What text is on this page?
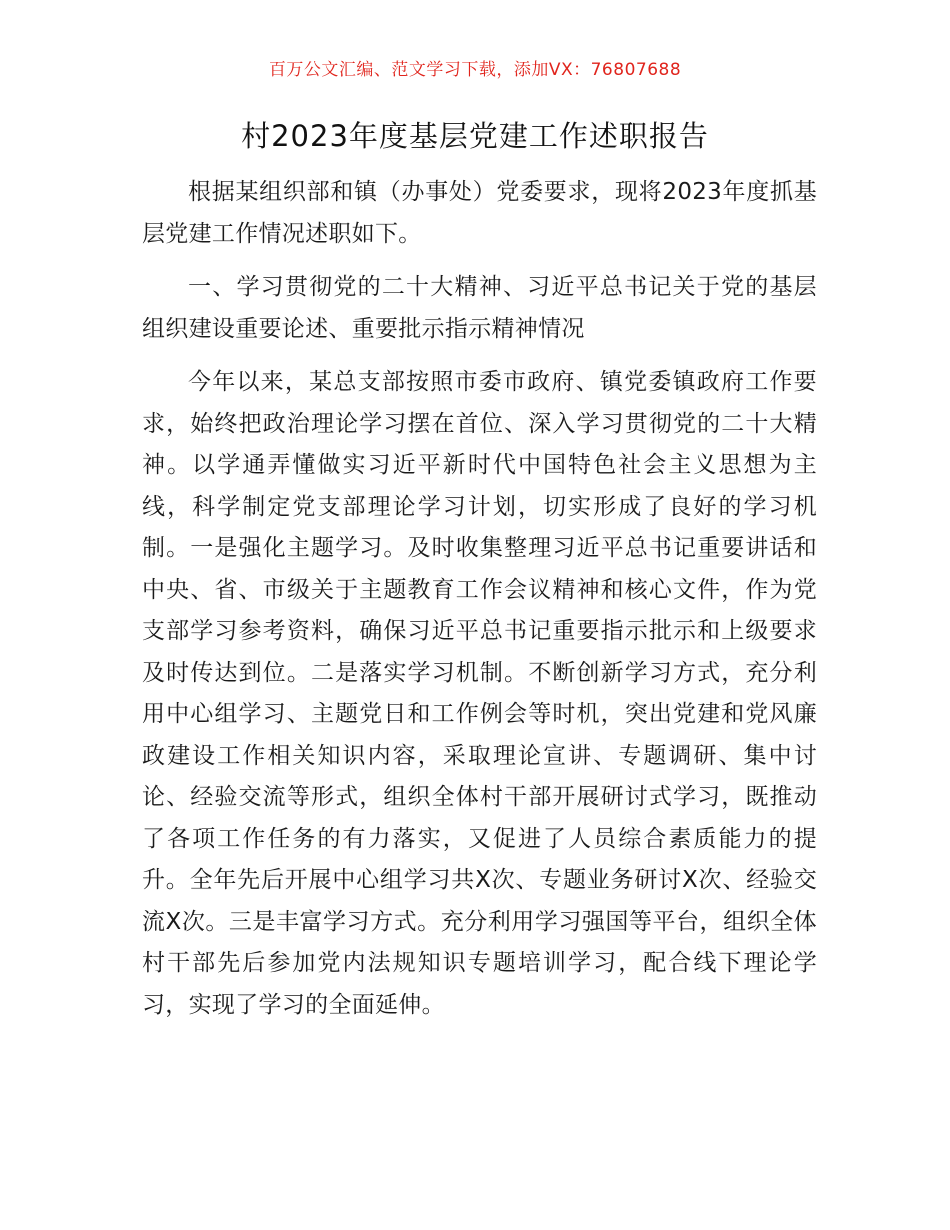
百万公文汇编、范文学习下载，添加VX：76807688
村2023年度基层党建工作述职报告

根据某组织部和镇（办事处）党委要求，现将2023年度抓基层党建工作情况述职如下。

一、学习贯彻党的二十大精神、习近平总书记关于党的基层组织建设重要论述、重要批示指示精神情况

今年以来，某总支部按照市委市政府、镇党委镇政府工作要求，始终把政治理论学习摆在首位、深入学习贯彻党的二十大精神。以学通弄懂做实习近平新时代中国特色社会主义思想为主线，科学制定党支部理论学习计划，切实形成了良好的学习机制。一是强化主题学习。及时收集整理习近平总书记重要讲话和中央、省、市级关于主题教育工作会议精神和核心文件，作为党支部学习参考资料，确保习近平总书记重要指示批示和上级要求及时传达到位。二是落实学习机制。不断创新学习方式，充分利用中心组学习、主题党日和工作例会等时机，突出党建和党风廉政建设工作相关知识内容，采取理论宣讲、专题调研、集中讨论、经验交流等形式，组织全体村干部开展研讨式学习，既推动了各项工作任务的有力落实，又促进了人员综合素质能力的提升。全年先后开展中心组学习共X次、专题业务研讨X次、经验交流X次。三是丰富学习方式。充分利用学习强国等平台，组织全体村干部先后参加党内法规知识专题培训学习，配合线下理论学习，实现了学习的全面延伸。
